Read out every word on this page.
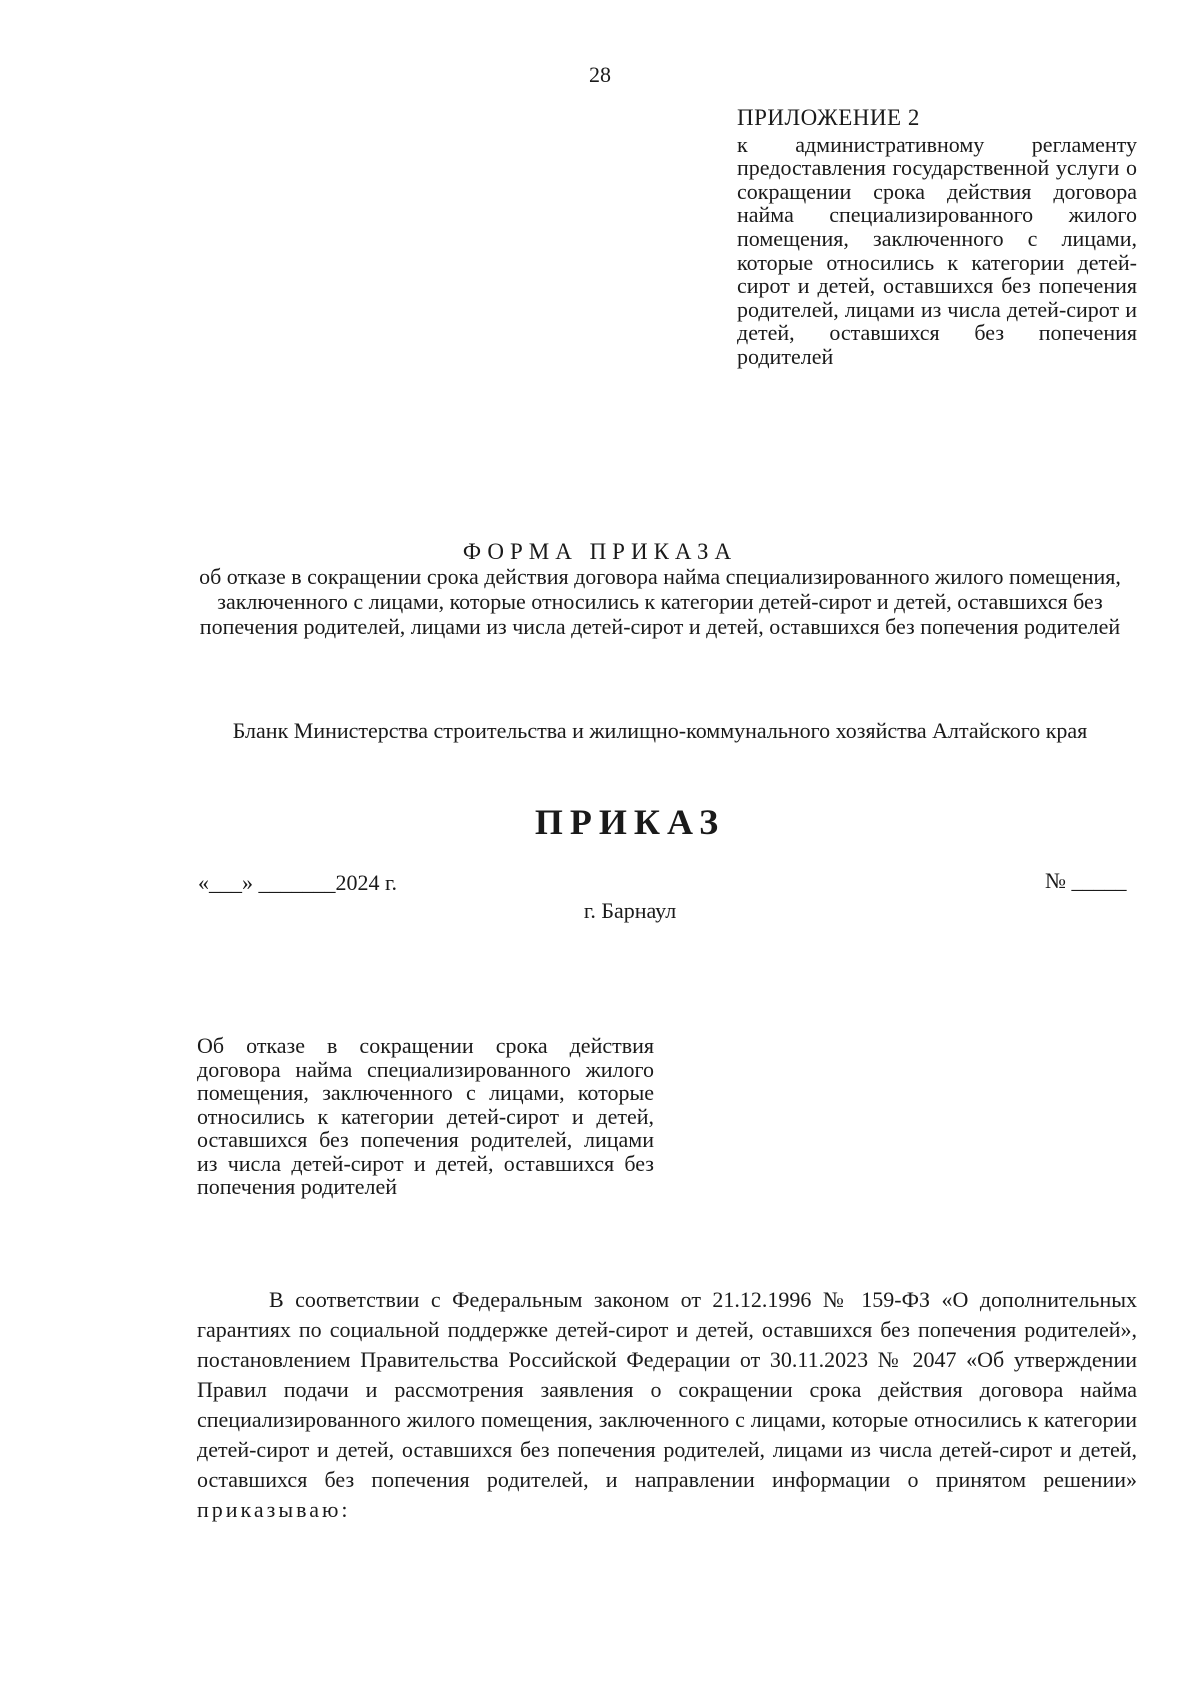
28
ПРИЛОЖЕНИЕ 2
к административному регламенту предоставления государственной услуги о сокращении срока действия договора найма специализированного жилого помещения, заключенного с лицами, которые относились к категории детей-сирот и детей, оставшихся без попечения родителей, лицами из числа детей-сирот и детей, оставшихся без попечения родителей
ФОРМА ПРИКАЗА
об отказе в сокращении срока действия договора найма специализированного жилого помещения, заключенного с лицами, которые относились к категории детей-сирот и детей, оставшихся без попечения родителей, лицами из числа детей-сирот и детей, оставшихся без попечения родителей
Бланк Министерства строительства и жилищно-коммунального хозяйства Алтайского края
ПРИКАЗ
«___» _______2024 г.	№ _____
г. Барнаул
Об отказе в сокращении срока действия договора найма специализированного жилого помещения, заключенного с лицами, которые относились к категории детей-сирот и детей, оставшихся без попечения родителей, лицами из числа детей-сирот и детей, оставшихся без попечения родителей
В соответствии с Федеральным законом от 21.12.1996 № 159-ФЗ «О дополнительных гарантиях по социальной поддержке детей-сирот и детей, оставшихся без попечения родителей», постановлением Правительства Российской Федерации от 30.11.2023 № 2047 «Об утверждении Правил подачи и рассмотрения заявления о сокращении срока действия договора найма специализированного жилого помещения, заключенного с лицами, которые относились к категории детей-сирот и детей, оставшихся без попечения родителей, лицами из числа детей-сирот и детей, оставшихся без попечения родителей, и направлении информации о принятом решении» приказываю:
